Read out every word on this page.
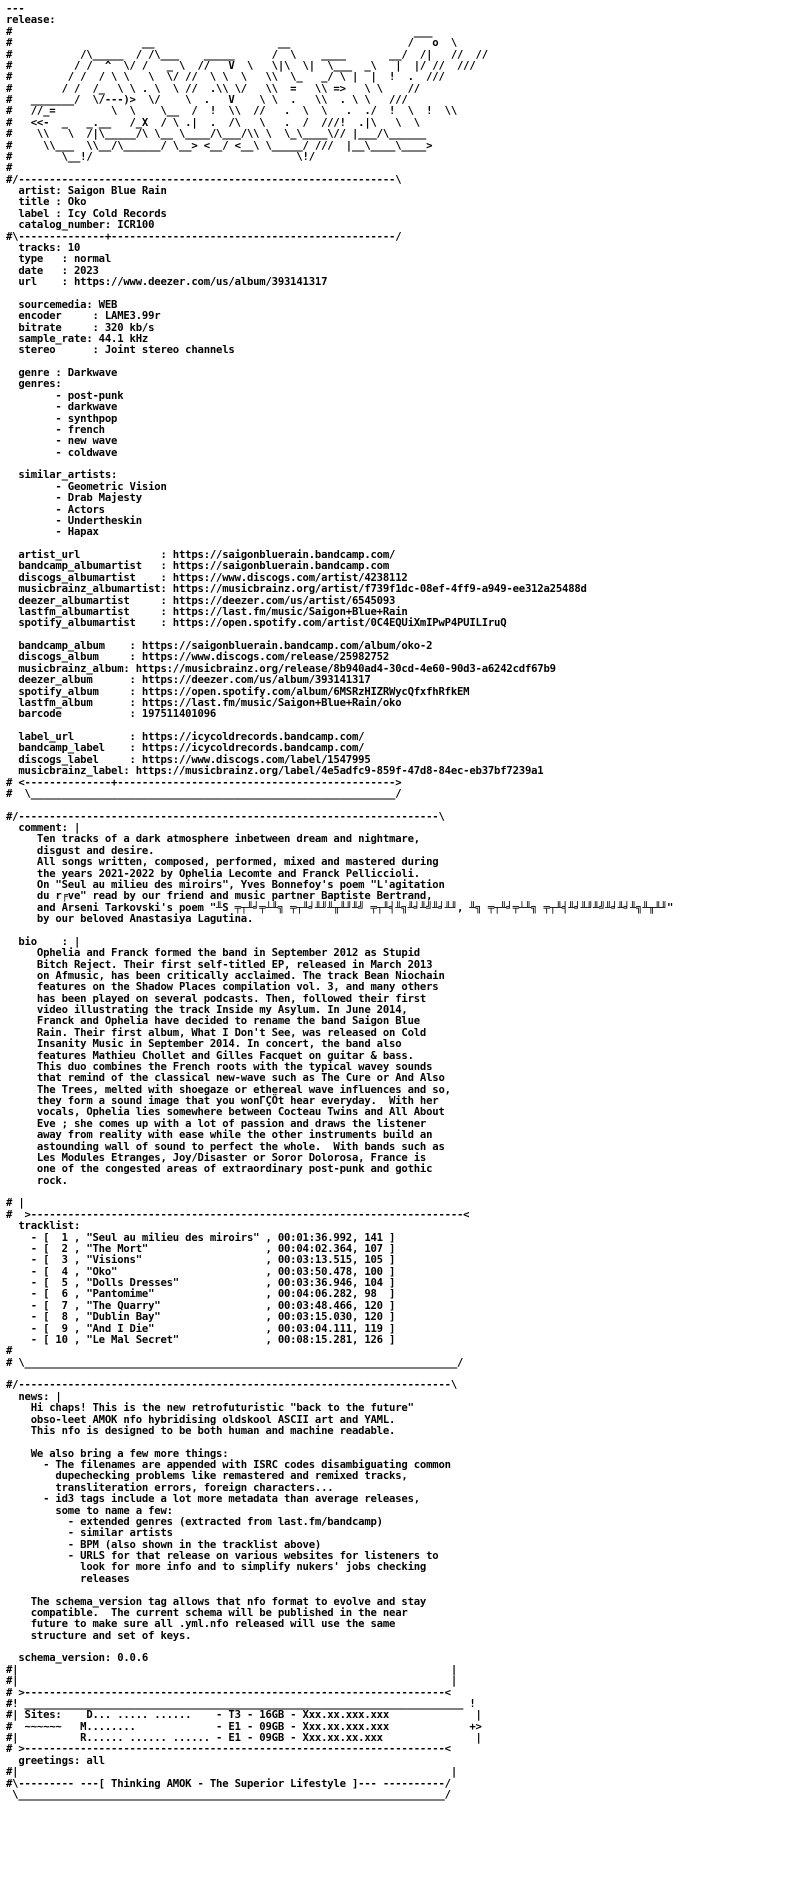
---
release:
#                                                                 ___
#                     __                    __                   /   o  \
#           /\_____  / /\___    _____      /  \    ____       __/  /|   //  //
#          / /  ^  \/ /   _ \  //   V  \   \|\  \|  \___  _\   |  |/ //  ///
#         / /  / \ \   \  \/ //  \ \  \   \\  \_   _/ \ |  |  !  .  ///
#        / /  /_  \ \ . \  \ //  .\\ \/   \\  =   \\ =>   \ \    //
#   _______/  \/---)>  \/    \  .   V    \ \  .   \\  . \ \   ///
#   //_=         \  \    \__  /  !  \\  //   .  \  \   .  ./  !  \  !  \\
#   <<-  _   _.__   /_X  / \ .|  .  /\   \   .  /  ///!  .|\   \  \
#    \\   \  /|\_____/\ \__ \____/\___/\\ \  \_\____\// |___/\______
#     \\___  \\__/\______/ \__> <__/ <__\ \_____/ ///  |__\____\____>
#        \__!/                                 \!/
#
#/-------------------------------------------------------------\
artist: Saigon Blue Rain
title : Oko
label : Icy Cold Records
catalog_number: ICR100
#\--------------+----------------------------------------------/
tracks: 10
type   : normal
date   : 2023
url    : https://www.deezer.com/us/album/393141317

sourcemedia: WEB
encoder     : LAME3.99r
bitrate     : 320 kb/s
sample_rate: 44.1 kHz
stereo      : Joint stereo channels

genre : Darkwave
genres:
- post-punk
- darkwave
- synthpop
- french
- new wave
- coldwave

similar_artists:
- Geometric Vision
- Drab Majesty
- Actors
- Undertheskin
- Hapax

artist_url             : https://saigonbluerain.bandcamp.com/
bandcamp_albumartist   : https://saigonbluerain.bandcamp.com
discogs_albumartist    : https://www.discogs.com/artist/4238112
musicbrainz_albumartist: https://musicbrainz.org/artist/f739f1dc-08ef-4ff9-a949-ee312a25488d
deezer_albumartist     : https://deezer.com/us/artist/6545093
lastfm_albumartist     : https://last.fm/music/Saigon+Blue+Rain
spotify_albumartist    : https://open.spotify.com/artist/0C4EQUiXmIPwP4PUILIruQ

bandcamp_album    : https://saigonbluerain.bandcamp.com/album/oko-2
discogs_album     : https://www.discogs.com/release/25982752
musicbrainz_album: https://musicbrainz.org/release/8b940ad4-30cd-4e60-90d3-a6242cdf67b9
deezer_album      : https://deezer.com/us/album/393141317
spotify_album     : https://open.spotify.com/album/6MSRzHIZRWycQfxfhRfkEM
lastfm_album      : https://last.fm/music/Saigon+Blue+Rain/oko
barcode           : 197511401096

label_url         : https://icycoldrecords.bandcamp.com/
bandcamp_label    : https://icycoldrecords.bandcamp.com/
discogs_label     : https://www.discogs.com/label/1547995
musicbrainz_label: https://musicbrainz.org/label/4e5adfc9-859f-47d8-84ec-eb37bf7239a1
# <--------------+--------------------------------------------->
#  \___________________________________________________________/

#/--------------------------------------------------------------------\
comment: |
Ten tracks of a dark atmosphere inbetween dream and nightmare,
disgust and desire.
All songs written, composed, performed, mixed and mastered during
the years 2021-2022 by Ophelia Lecomte and Franck Pelliccioli.
On "Seul au milieu des miroirs", Yves Bonnefoy's poem "L'agitation
du r╒ve" read by our friend and music partner Baptiste Bertrand,
and Arseni Tarkovski's poem "╨Ѕ ╤┬╨╛╤┴╨╗ ╤┬╨╛╨╜╨╥╨╜╨╝ ╤┬╨╡╨╗╨╛╨╝╨╛╨╜, ╨╗ ╤┬╨╛╤┴╨╗ ╤┬╨╡╨╛╨╜╨╝╨╛╨╛╨╗╨╥╨╜"
by our beloved Anastasiya Lagutina.

bio    : |
Ophelia and Franck formed the band in September 2012 as Stupid
Bitch Reject. Their first self-titled EP, released in March 2013
on Afmusic, has been critically acclaimed. The track Bean Niochain
features on the Shadow Places compilation vol. 3, and many others
has been played on several podcasts. Then, followed their first
video illustrating the track Inside my Asylum. In June 2014,
Franck and Ophelia have decided to rename the band Saigon Blue
Rain. Their first album, What I Don't See, was released on Cold
Insanity Music in September 2014. In concert, the band also
features Mathieu Chollet and Gilles Facquet on guitar & bass.
This duo combines the French roots with the typical wavey sounds
that remind of the classical new-wave such as The Cure or And Also
The Trees, melted with shoegaze or ethereal wave influences and so,
they form a sound image that you wonΓÇÖt hear everyday.  With her
vocals, Ophelia lies somewhere between Cocteau Twins and All About
Eve ; she comes up with a lot of passion and draws the listener
away from reality with ease while the other instruments build an
astounding wall of sound to perfect the whole.  With bands such as
Les Modules Etranges, Joy/Disaster or Soror Dolorosa, France is
one of the congested areas of extraordinary post-punk and gothic
rock.

# |
#  >----------------------------------------------------------------------<
tracklist:
- [  1 , "Seul au milieu des miroirs" , 00:01:36.992, 141 ]
- [  2 , "The Mort"                   , 00:04:02.364, 107 ]
- [  3 , "Visions"                    , 00:03:13.515, 105 ]
- [  4 , "Oko"                        , 00:03:50.478, 100 ]
- [  5 , "Dolls Dresses"              , 00:03:36.946, 104 ]
- [  6 , "Pantomime"                  , 00:04:06.282, 98  ]
- [  7 , "The Quarry"                 , 00:03:48.466, 120 ]
- [  8 , "Dublin Bay"                 , 00:03:15.030, 120 ]
- [  9 , "And I Die"                  , 00:03:04.111, 119 ]
- [ 10 , "Le Mal Secret"              , 00:08:15.281, 126 ]
#
# \______________________________________________________________________/

#/----------------------------------------------------------------------\
news: |
Hi chaps! This is the new retrofuturistic "back to the future"
obso-leet AMOK nfo hybridising oldskool ASCII art and YAML.
This nfo is designed to be both human and machine readable.

We also bring a few more things:
- The filenames are appended with ISRC codes disambiguating common
dupechecking problems like remastered and remixed tracks,
transliteration errors, foreign characters...
- id3 tags include a lot more metadata than average releases,
some to name a few:
- extended genres (extracted from last.fm/bandcamp)
- similar artists
- BPM (also shown in the tracklist above)
- URLS for that release on various websites for listeners to
look for more info and to simplify nukers' jobs checking
releases

The schema_version tag allows that nfo format to evolve and stay
compatible.  The current schema will be published in the near
future to make sure all .yml.nfo released will use the same
structure and set of keys.

schema_version: 0.0.6
#|                                                                      |
#|                                                                      |
# >--------------------------------------------------------------------<
#! _______________________________________________________________________ !
#| Sites:    D... ..... ......    - T3 - 16GB - Xxx.xx.xxx.xxx              |
#  ~~~~~~   M........             - E1 - 09GB - Xxx.xx.xxx.xxx             +>
#|          R...... ...... ...... - E1 - 09GB - Xxx.xx.xx.xxx               |
# >--------------------------------------------------------------------<
greetings: all
#|                                                                      |
#\--------- ---[ Thinking AMOK - The Superior Lifestyle ]--- ----------/
\_____________________________________________________________________/
